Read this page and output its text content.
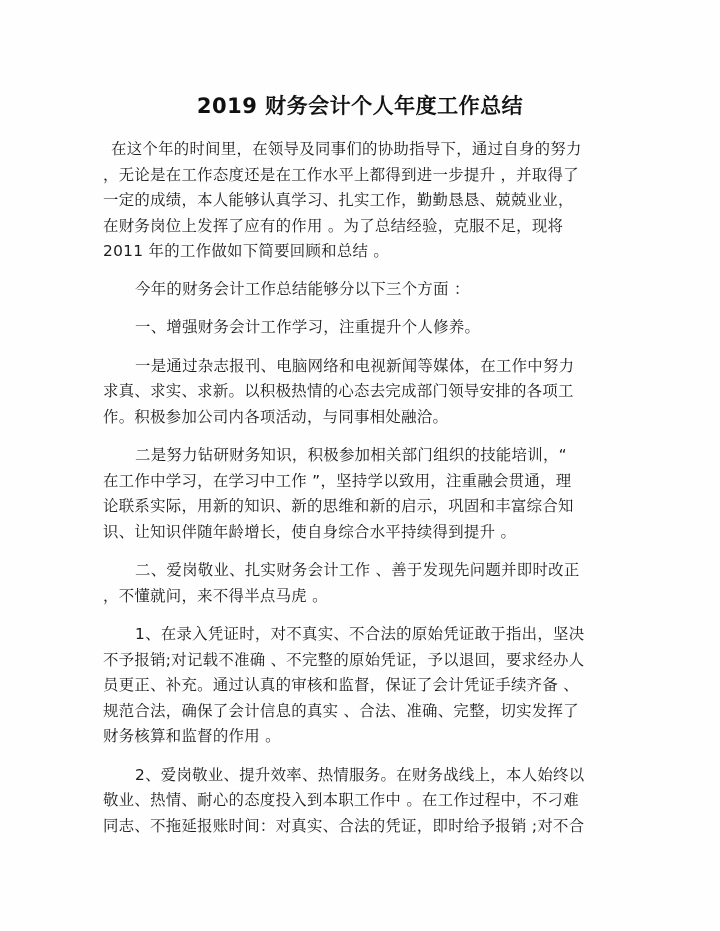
2019 财务会计个人年度工作总结
在这个年的时间里，在领导及同事们的协助指导下，通过自身的努力
，无论是在工作态度还是在工作水平上都得到进一步提升 ，并取得了
一定的成绩，本人能够认真学习、扎实工作，勤勤恳恳、兢兢业业，
在财务岗位上发挥了应有的作用 。为了总结经验，克服不足，现将
2011 年的工作做如下简要回顾和总结 。
今年的财务会计工作总结能够分以下三个方面 ：
一、增强财务会计工作学习，注重提升个人修养。
一是通过杂志报刊、电脑网络和电视新闻等媒体，在工作中努力
求真、求实、求新。以积极热情的心态去完成部门领导安排的各项工
作。积极参加公司内各项活动，与同事相处融洽。
二是努力钻研财务知识，积极参加相关部门组织的技能培训，“
在工作中学习，在学习中工作 ”，坚持学以致用，注重融会贯通，理
论联系实际，用新的知识、新的思维和新的启示，巩固和丰富综合知
识、让知识伴随年龄增长，使自身综合水平持续得到提升 。
二、爱岗敬业、扎实财务会计工作 、善于发现先问题并即时改正
，不懂就问，来不得半点马虎 。
1、在录入凭证时，对不真实、不合法的原始凭证敢于指出，坚决
不予报销;对记载不准确 、不完整的原始凭证，予以退回，要求经办人
员更正、补充。通过认真的审核和监督，保证了会计凭证手续齐备 、
规范合法，确保了会计信息的真实 、合法、准确、完整，切实发挥了
财务核算和监督的作用 。
2、爱岗敬业、提升效率、热情服务。在财务战线上，本人始终以
敬业、热情、耐心的态度投入到本职工作中 。在工作过程中，不刁难
同志、不拖延报账时间：对真实、合法的凭证，即时给予报销 ;对不合
